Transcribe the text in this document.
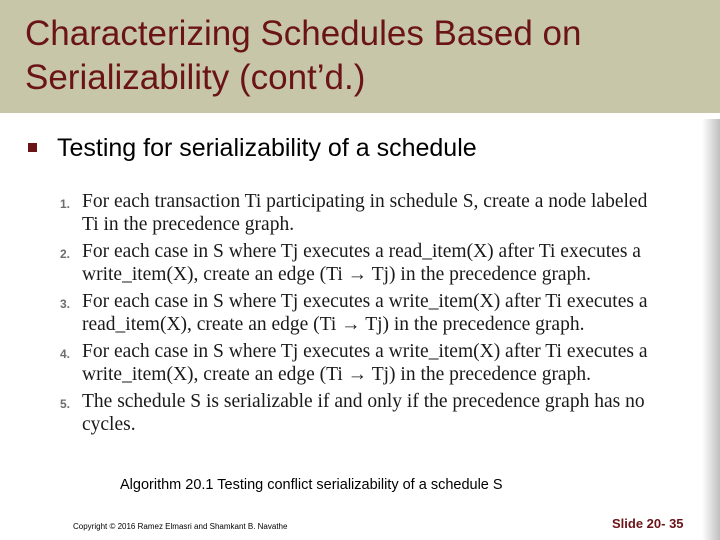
Characterizing Schedules Based on
Serializability (cont’d.)
Testing for serializability of a schedule
1. For each transaction Ti participating in schedule S, create a node labeled
Ti in the precedence graph.
2. For each case in S where Tj executes a read_item(X) after Ti executes a
write_item(X), create an edge (Ti → Tj) in the precedence graph.
3. For each case in S where Tj executes a write_item(X) after Ti executes a
read_item(X), create an edge (Ti → Tj) in the precedence graph.
4. For each case in S where Tj executes a write_item(X) after Ti executes a
write_item(X), create an edge (Ti → Tj) in the precedence graph.
5. The schedule S is serializable if and only if the precedence graph has no
cycles.
Algorithm 20.1 Testing conflict serializability of a schedule S
Copyright © 2016 Ramez Elmasri and Shamkant B. Navathe	Slide 20- 35
